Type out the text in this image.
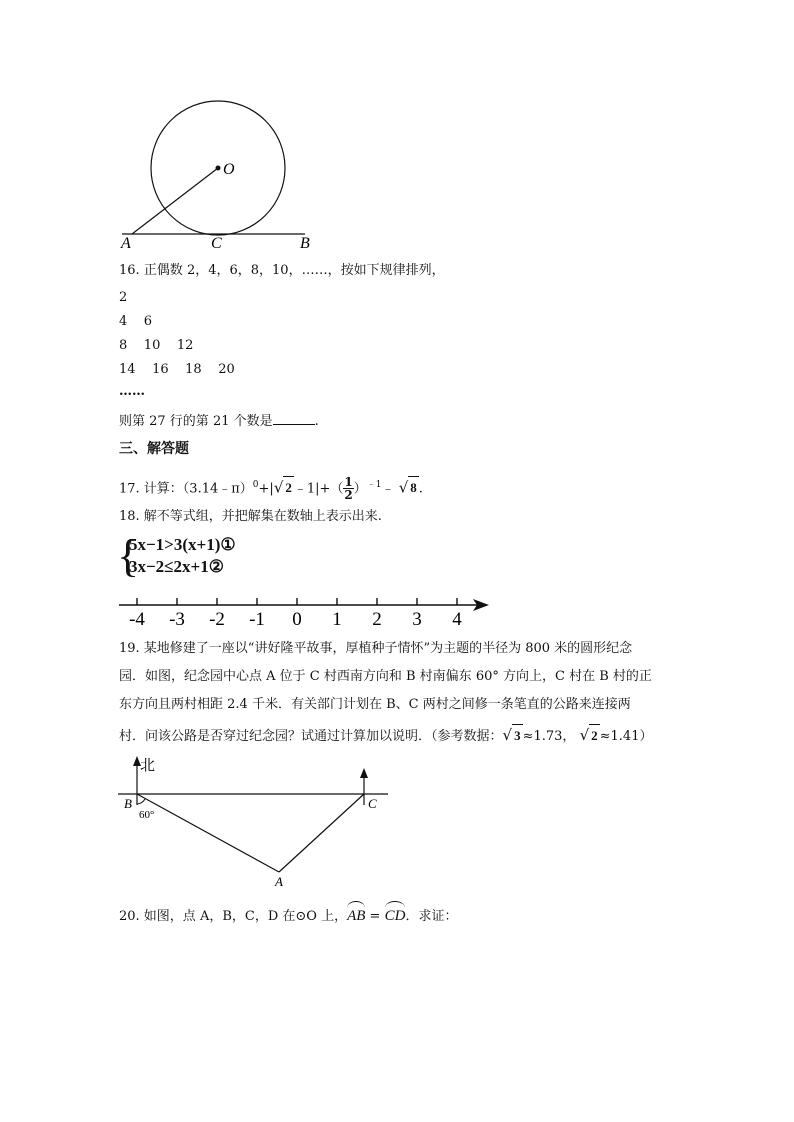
O
A	C	B
16. 正偶数 2，4，6，8，10，……，按如下规律排列，
2
4    6
8    10    12
14    16    18    20
……
则第 27 行的第 21 个数是	.
三、解答题
17. 计算：（3.14﹣π）$^0$+|√ 2 ﹣1|+（ $\frac{1}{2}$ ）$^{﹣1}$﹣ √ 8 .
18. 解不等式组，并把解集在数轴上表示出来.
{
5x−1>3(x+1)①
3x−2≤2x+1②
-4 -3 -2 -1 0 1 2 3 4
19. 某地修建了一座以“讲好隆平故事，厚植种子情怀”为主题的半径为 800 米的圆形纪念
园．如图，纪念园中心点 A 位于 C 村西南方向和 B 村南偏东 60° 方向上，C 村在 B 村的正
东方向且两村相距 2.4 千米．有关部门计划在 B、C 两村之间修一条笔直的公路来连接两
村．问该公路是否穿过纪念园？试通过计算加以说明．（参考数据：√ 3 ≈1.73， √ 2 ≈1.41）
北
B
60°
C
A
20. 如图，点 A，B，C，D 在⊙O 上，AB = CD．求证：
